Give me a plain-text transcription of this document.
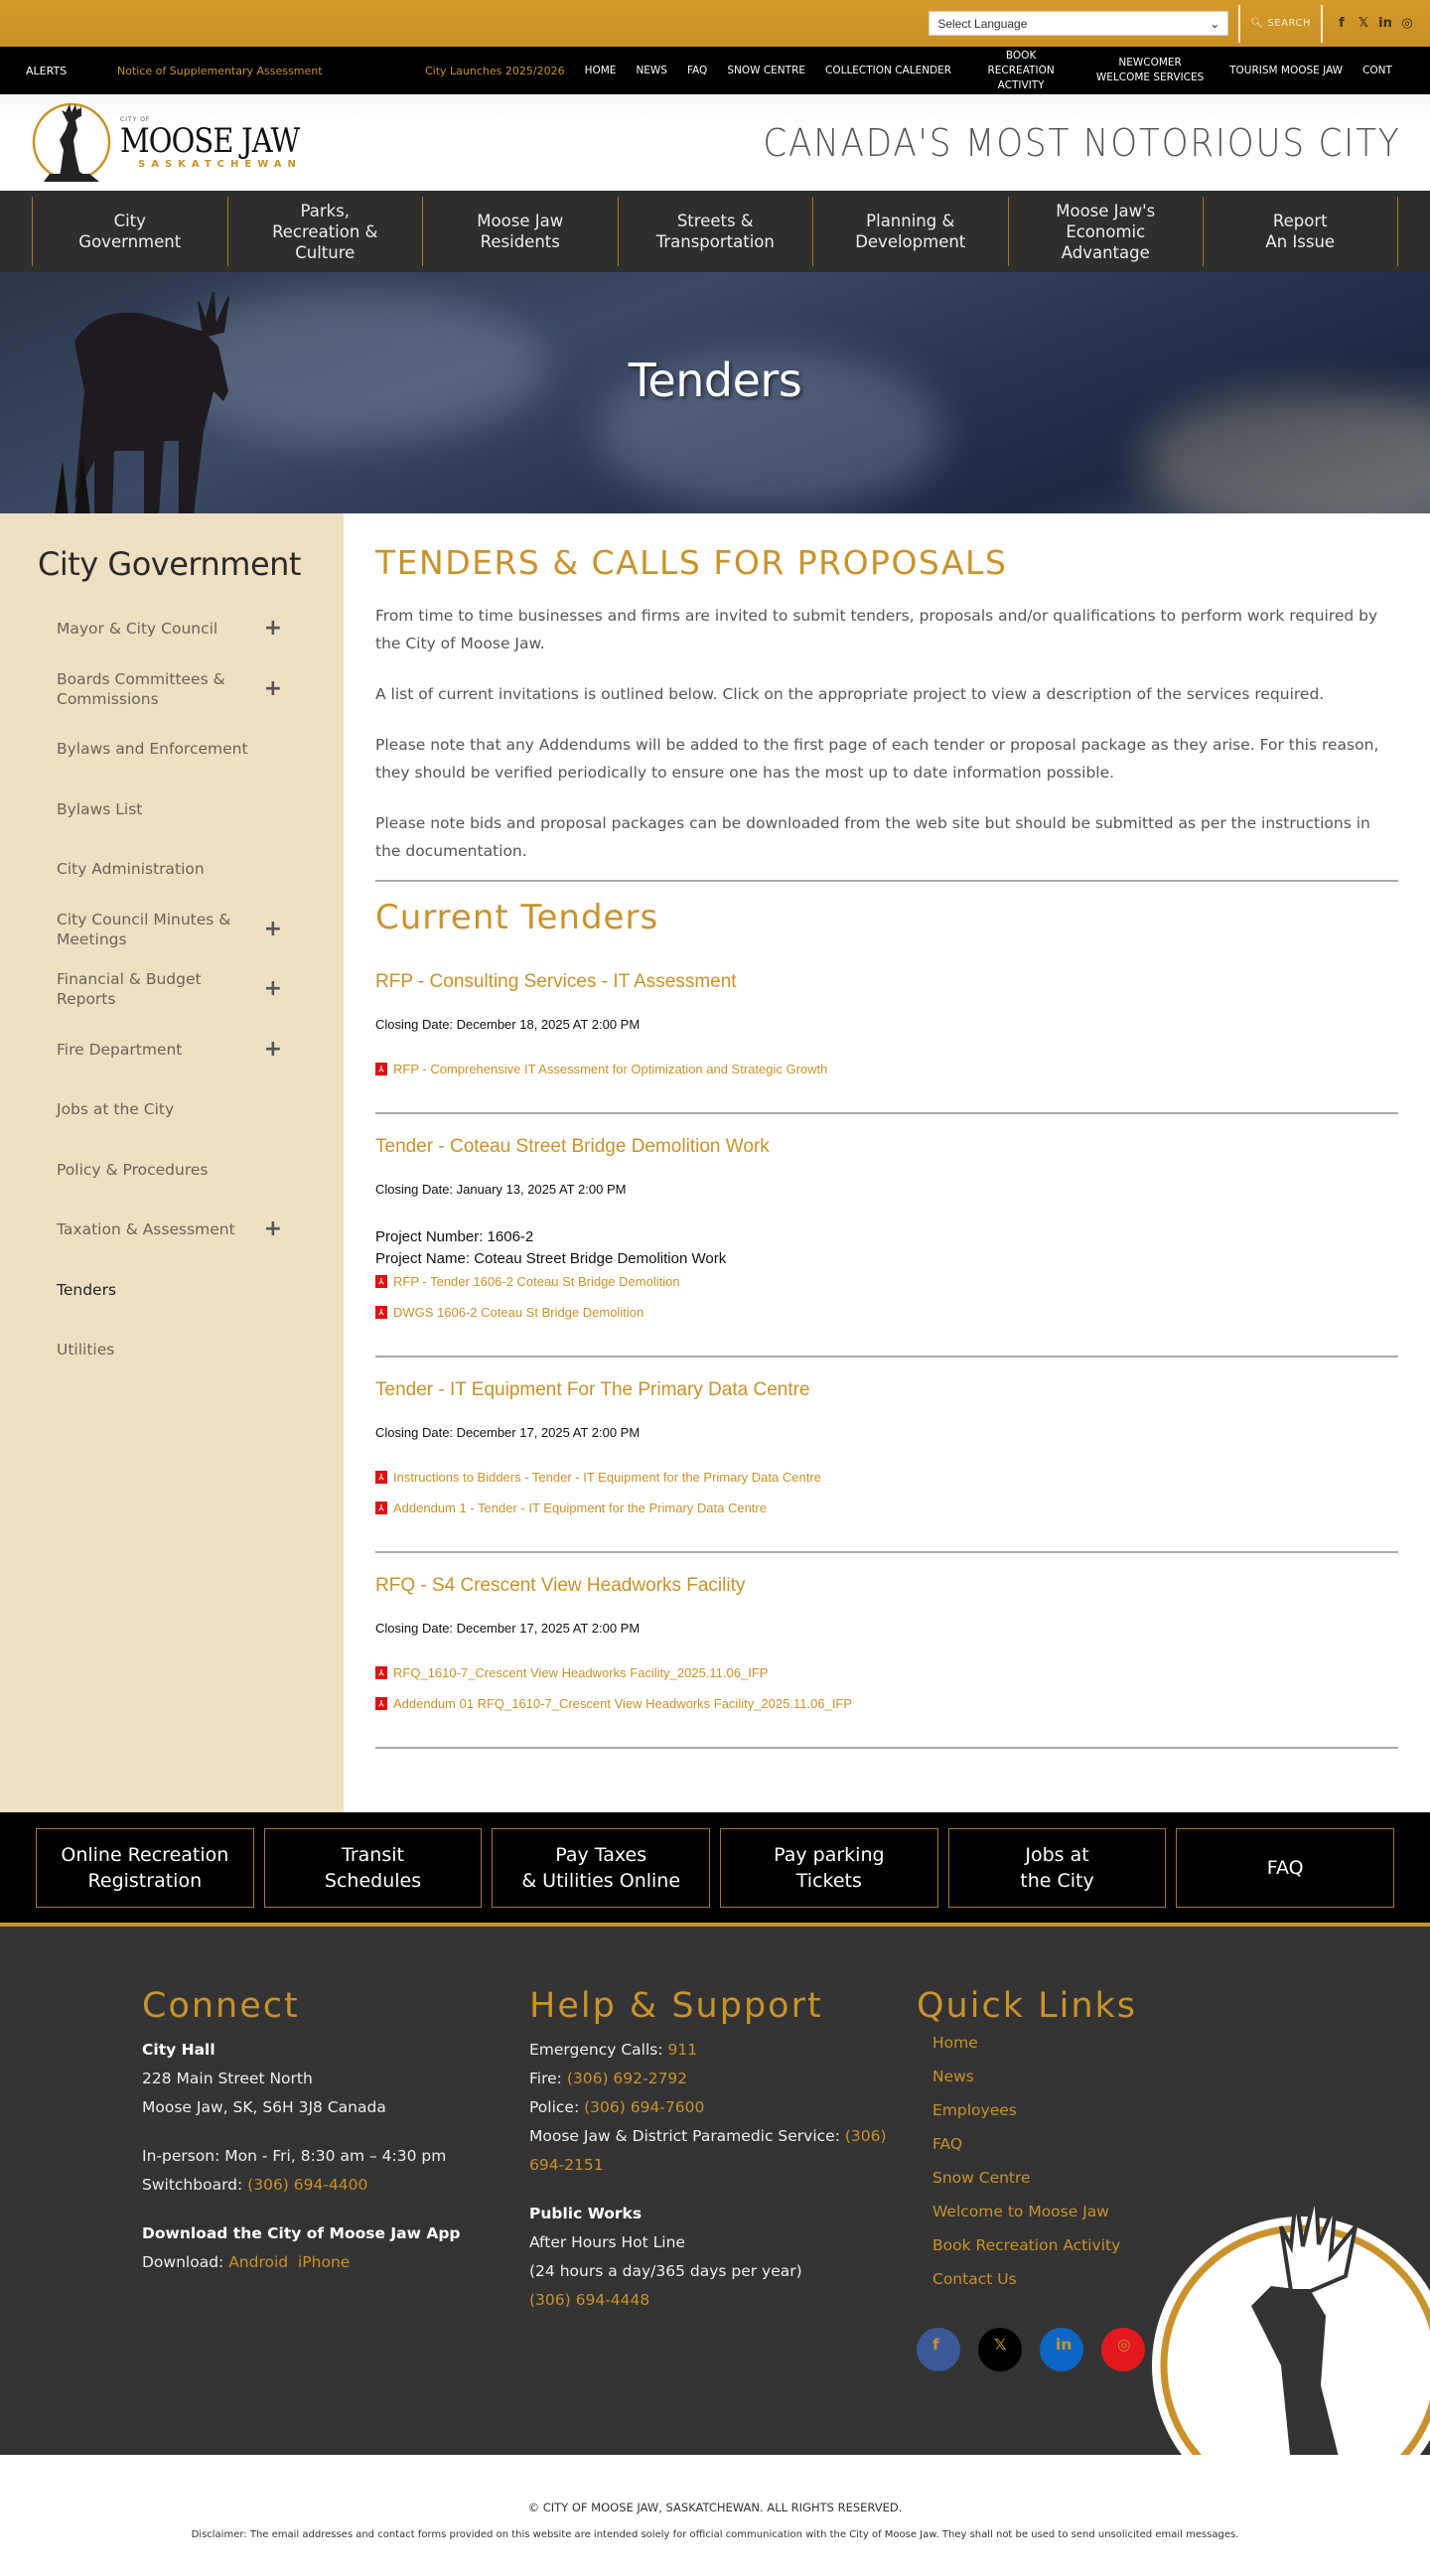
Select Language	⌄	🔍︎ SEARCH	f	𝕏 in ◎
ALERTS	Notice of Supplementary Assessment	City Launches 2025/2026	HOME	NEWS	FAQ	SNOW CENTRE	COLLECTION CALENDER
BOOK RECREATION ACTIVITY
NEWCOMER WELCOME SERVICES
TOURISM MOOSE JAW	CONT
CITY OF
MOOSE JAW
SASKATCHEWAN	CANADA'S MOST NOTORIOUS CITY
City Government
Parks, Recreation & Culture
Moose Jaw Residents
Streets & Transportation
Planning & Development
Moose Jaw's Economic Advantage
Report An Issue
Tenders
City Government
Mayor & City Council +
Boards Committees & Commissions	+
Bylaws and Enforcement
Bylaws List
City Administration
City Council Minutes & Meetings	+
Financial & Budget Reports	+
Fire Department	+
Jobs at the City
Policy & Procedures
Taxation & Assessment +
Tenders
Utilities
TENDERS & CALLS FOR PROPOSALS

From time to time businesses and firms are invited to submit tenders, proposals and/or qualifications to perform work required by the City of Moose Jaw.

A list of current invitations is outlined below. Click on the appropriate project to view a description of the services required.

Please note that any Addendums will be added to the first page of each tender or proposal package as they arise. For this reason, they should be verified periodically to ensure one has the most up to date information possible.

Please note bids and proposal packages can be downloaded from the web site but should be submitted as per the instructions in the documentation.

Current Tenders
RFP - Consulting Services - IT Assessment
Closing Date: December 18, 2025 AT 2:00 PM
⅄ RFP - Comprehensive IT Assessment for Optimization and Strategic Growth
Tender - Coteau Street Bridge Demolition Work
Closing Date: January 13, 2025 AT 2:00 PM
Project Number: 1606-2
Project Name: Coteau Street Bridge Demolition Work
⅄ RFP - Tender 1606-2 Coteau St Bridge Demolition
⅄ DWGS 1606-2 Coteau St Bridge Demolition
Tender - IT Equipment For The Primary Data Centre
Closing Date: December 17, 2025 AT 2:00 PM
⅄ Instructions to Bidders - Tender - IT Equipment for the Primary Data Centre
⅄ Addendum 1 - Tender - IT Equipment for the Primary Data Centre
RFQ - S4 Crescent View Headworks Facility
Closing Date: December 17, 2025 AT 2:00 PM
⅄ RFQ_1610-7_Crescent View Headworks Facility_2025.11.06_IFP
⅄ Addendum 01 RFQ_1610-7_Crescent View Headworks Facility_2025.11.06_IFP
Online Recreation
Registration
Transit
Schedules
Pay Taxes
& Utilities Online
Pay parking
Tickets
Jobs at
the City
FAQ

Connect
City Hall
228 Main Street North
Moose Jaw, SK, S6H 3J8 Canada
In-person: Mon - Fri, 8:30 am – 4:30 pm
Switchboard: (306) 694-4400
Download the City of Moose Jaw App
Download: Android iPhone
Help & Support
Emergency Calls: 911
Fire: (306) 692-2792
Police: (306) 694-7600
Moose Jaw & District Paramedic Service: (306) 694-2151
Public Works
After Hours Hot Line
(24 hours a day/365 days per year)
(306) 694-4448
Quick Links
Home
News
Employees
FAQ
Snow Centre
Welcome to Moose Jaw
Book Recreation Activity
Contact Us
f	𝕏	in	◎
© CITY OF MOOSE JAW, SASKATCHEWAN. ALL RIGHTS RESERVED.
Disclaimer: The email addresses and contact forms provided on this website are intended solely for official communication with the City of Moose Jaw. They shall not be used to send unsolicited email messages.
